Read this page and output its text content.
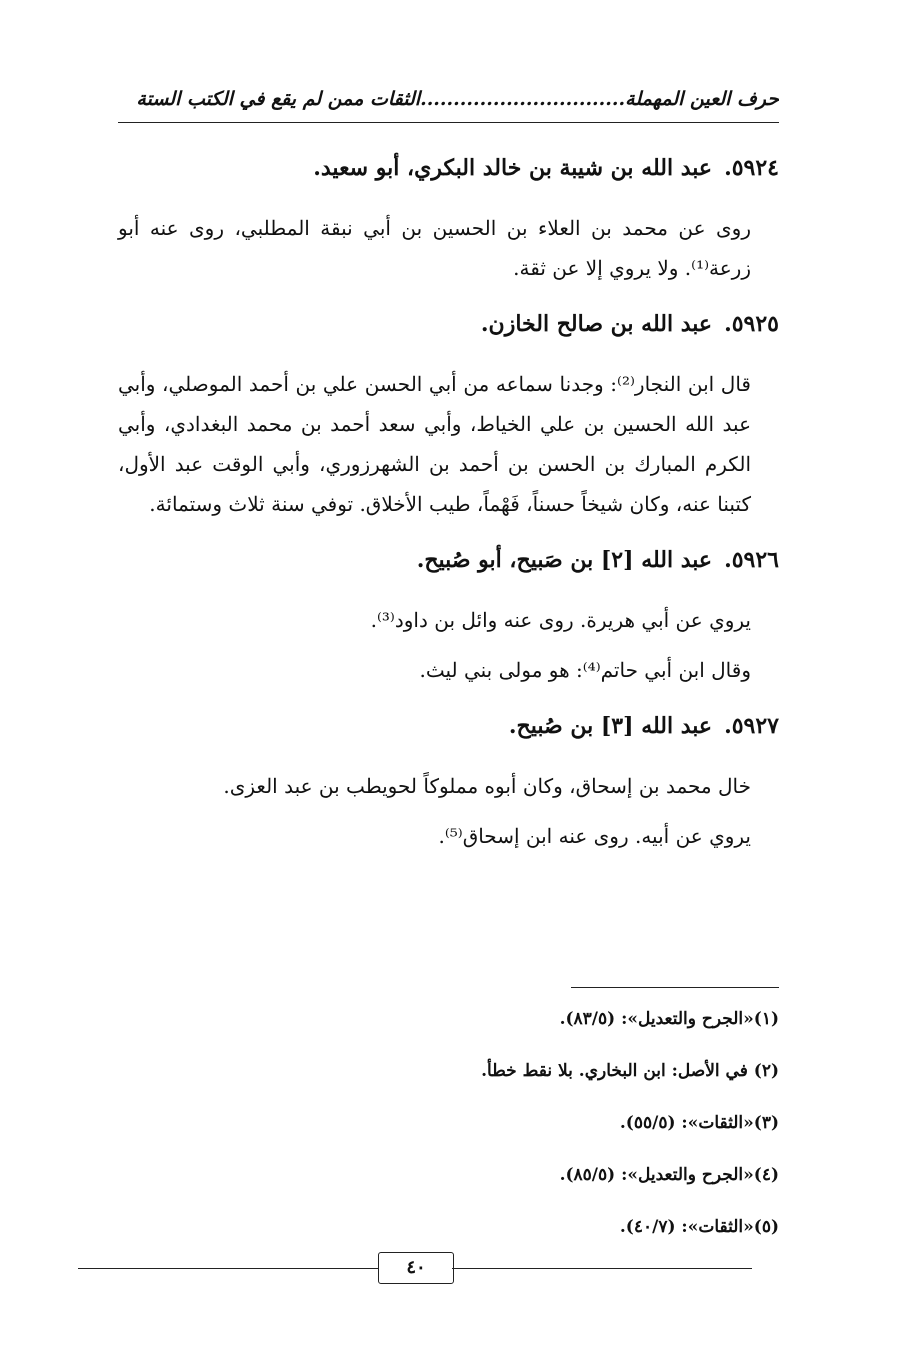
حرف العين المهملة...............................الثقات ممن لم يقع في الكتب الستة
٥٩٢٤.عبد الله بن شيبة بن خالد البكري، أبو سعيد.

روى عن محمد بن العلاء بن الحسين بن أبي نبقة المطلبي، روى عنه أبو زرعة⁽¹⁾. ولا يروي إلا عن ثقة.

٥٩٢٥.عبد الله بن صالح الخازن.

قال ابن النجار⁽²⁾: وجدنا سماعه من أبي الحسن علي بن أحمد الموصلي، وأبي عبد الله الحسين بن علي الخياط، وأبي سعد أحمد بن محمد البغدادي، وأبي الكرم المبارك بن الحسن بن أحمد بن الشهرزوري، وأبي الوقت عبد الأول، كتبنا عنه، وكان شيخاً حسناً، فَهْماً، طيب الأخلاق. توفي سنة ثلاث وستمائة.

٥٩٢٦.عبد الله [٢] بن صَبيح، أبو صُبيح.

يروي عن أبي هريرة. روى عنه وائل بن داود⁽³⁾.

وقال ابن أبي حاتم⁽⁴⁾: هو مولى بني ليث.

٥٩٢٧.عبد الله [٣] بن صُبيح.

خال محمد بن إسحاق، وكان أبوه مملوكاً لحويطب بن عبد العزى.

يروي عن أبيه. روى عنه ابن إسحاق⁽⁵⁾.

(١)«الجرح والتعديل»: (٨٣/٥).
(٢) في الأصل: ابن البخاري. بلا نقط خطأ.
(٣)«الثقات»: (٥٥/٥).
(٤)«الجرح والتعديل»: (٨٥/٥).
(٥)«الثقات»: (٤٠/٧).
٤٠
